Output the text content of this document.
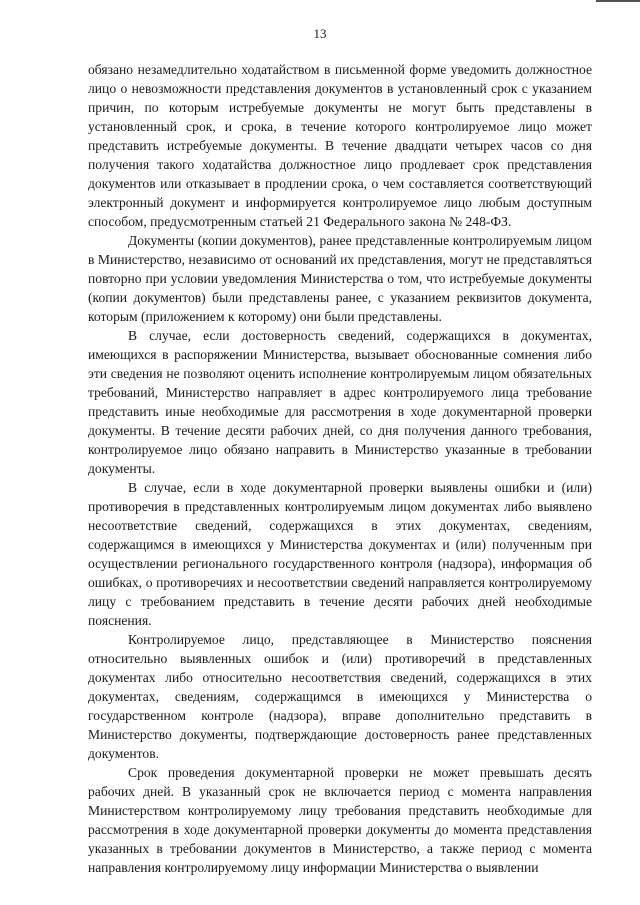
13

обязано незамедлительно ходатайством в письменной форме уведомить должностное лицо о невозможности представления документов в установленный срок с указанием причин, по которым истребуемые документы не могут быть представлены в установленный срок, и срока, в течение которого контролируемое лицо может представить истребуемые документы. В течение двадцати четырех часов со дня получения такого ходатайства должностное лицо продлевает срок представления документов или отказывает в продлении срока, о чем составляется соответствующий электронный документ и информируется контролируемое лицо любым доступным способом, предусмотренным статьей 21 Федерального закона № 248-ФЗ.

Документы (копии документов), ранее представленные контролируемым лицом в Министерство, независимо от оснований их представления, могут не представляться повторно при условии уведомления Министерства о том, что истребуемые документы (копии документов) были представлены ранее, с указанием реквизитов документа, которым (приложением к которому) они были представлены.

В случае, если достоверность сведений, содержащихся в документах, имеющихся в распоряжении Министерства, вызывает обоснованные сомнения либо эти сведения не позволяют оценить исполнение контролируемым лицом обязательных требований, Министерство направляет в адрес контролируемого лица требование представить иные необходимые для рассмотрения в ходе документарной проверки документы. В течение десяти рабочих дней, со дня получения данного требования, контролируемое лицо обязано направить в Министерство указанные в требовании документы.

В случае, если в ходе документарной проверки выявлены ошибки и (или) противоречия в представленных контролируемым лицом документах либо выявлено несоответствие сведений, содержащихся в этих документах, сведениям, содержащимся в имеющихся у Министерства документах и (или) полученным при осуществлении регионального государственного контроля (надзора), информация об ошибках, о противоречиях и несоответствии сведений направляется контролируемому лицу с требованием представить в течение десяти рабочих дней необходимые пояснения.

Контролируемое лицо, представляющее в Министерство пояснения относительно выявленных ошибок и (или) противоречий в представленных документах либо относительно несоответствия сведений, содержащихся в этих документах, сведениям, содержащимся в имеющихся у Министерства о государственном контроле (надзора), вправе дополнительно представить в Министерство документы, подтверждающие достоверность ранее представленных документов.

Срок проведения документарной проверки не может превышать десять рабочих дней. В указанный срок не включается период с момента направления Министерством контролируемому лицу требования представить необходимые для рассмотрения в ходе документарной проверки документы до момента представления указанных в требовании документов в Министерство, а также период с момента направления контролируемому лицу информации Министерства о выявлении
